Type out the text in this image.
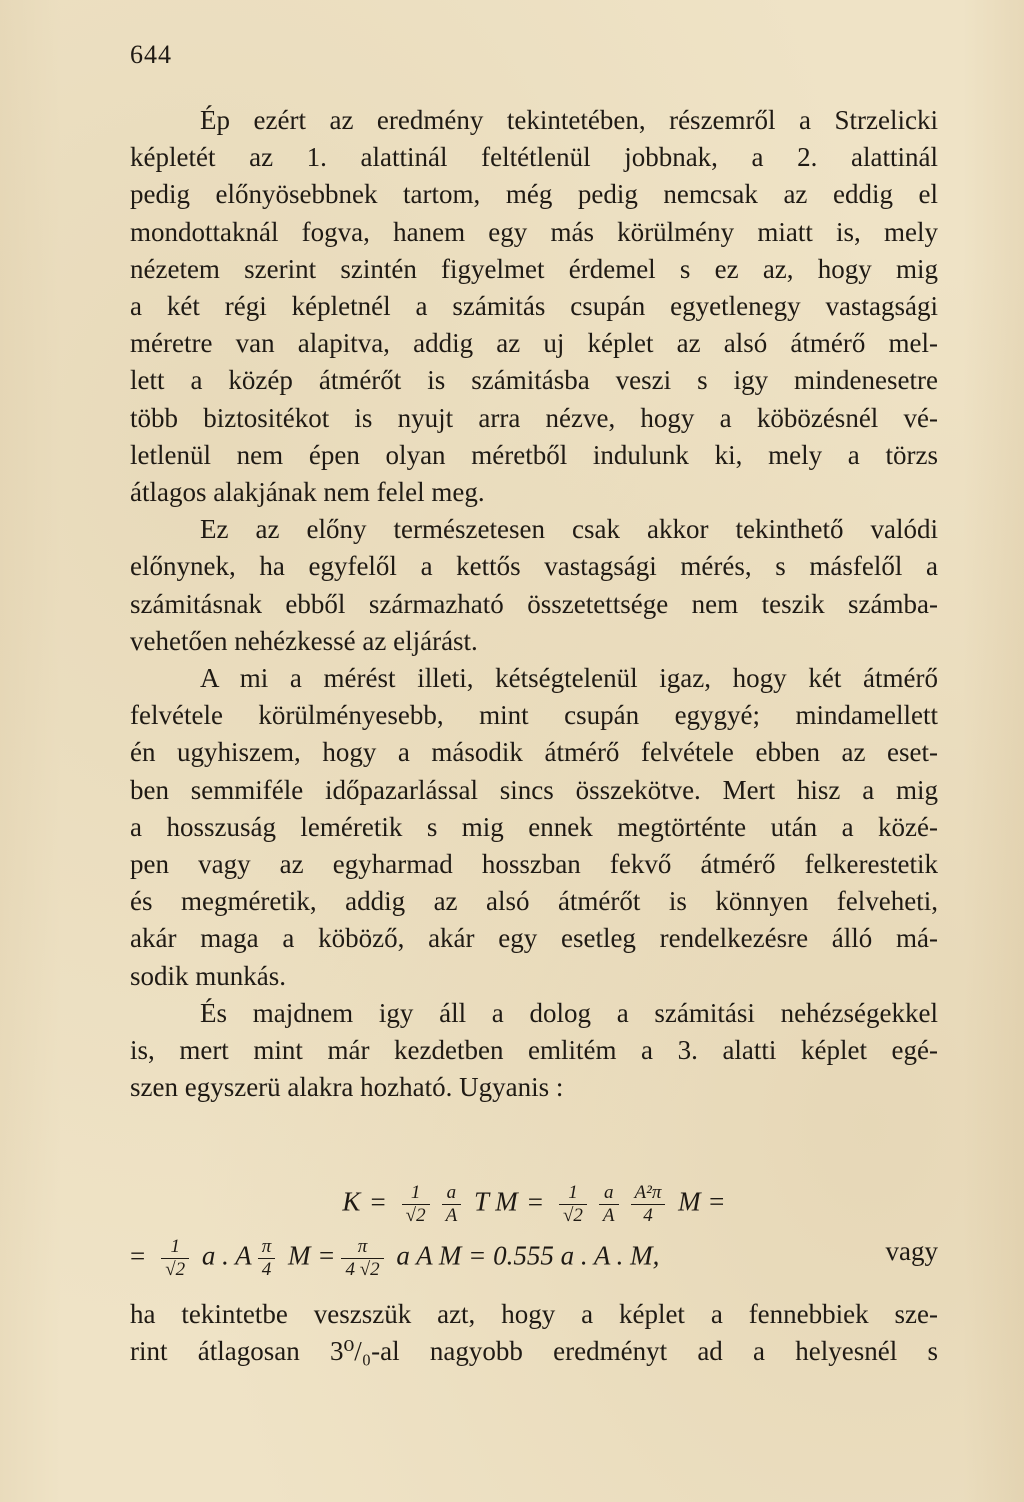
644
Ép ezért az eredmény tekintetében, részemről a Strzelicki
képletét az 1. alattinál feltétlenül jobbnak, a 2. alattinál
pedig előnyösebbnek tartom, még pedig nemcsak az eddig el
mondottaknál fogva, hanem egy más körülmény miatt is, mely
nézetem szerint szintén figyelmet érdemel s ez az, hogy mig
a két régi képletnél a számitás csupán egyetlenegy vastagsági
méretre van alapitva, addig az uj képlet az alsó átmérő mel-
lett a közép átmérőt is számitásba veszi s igy mindenesetre
több biztositékot is nyujt arra nézve, hogy a köbözésnél vé-
letlenül nem épen olyan méretből indulunk ki, mely a törzs
átlagos alakjának nem felel meg.
Ez az előny természetesen csak akkor tekinthető valódi
előnynek, ha egyfelől a kettős vastagsági mérés, s másfelől a
számitásnak ebből származható összetettsége nem teszik számba-
vehetően nehézkessé az eljárást.
A mi a mérést illeti, kétségtelenül igaz, hogy két átmérő
felvétele körülményesebb, mint csupán egygyé; mindamellett
én ugyhiszem, hogy a második átmérő felvétele ebben az eset-
ben semmiféle időpazarlással sincs összekötve. Mert hisz a mig
a hosszuság leméretik s mig ennek megtörténte után a közé-
pen vagy az egyharmad hosszban fekvő átmérő felkerestetik
és megméretik, addig az alsó átmérőt is könnyen felveheti,
akár maga a köböző, akár egy esetleg rendelkezésre álló má-
sodik munkás.
És majdnem igy áll a dolog a számitási nehézségekkel
is, mert mint már kezdetben emlitém a 3. alatti képlet egé-
szen egyszerü alakra hozható. Ugyanis :
$K = \frac{1}{√2} \frac{a}{A}$ T $M = \frac{1}{√2} \frac{a}{A} \frac{\text{A²π}}{4}$ M =
= $\frac{1}{√2}$ a . A $\frac{\pi}{4}$ $M = \frac{\pi}{4 √2}$ a A M = 0.555 a . A . M,	vagy
ha tekintetbe veszszük azt, hogy a képlet a fennebbiek sze-
rint átlagosan 3⁰/₀-al nagyobb eredményt ad a helyesnél s
